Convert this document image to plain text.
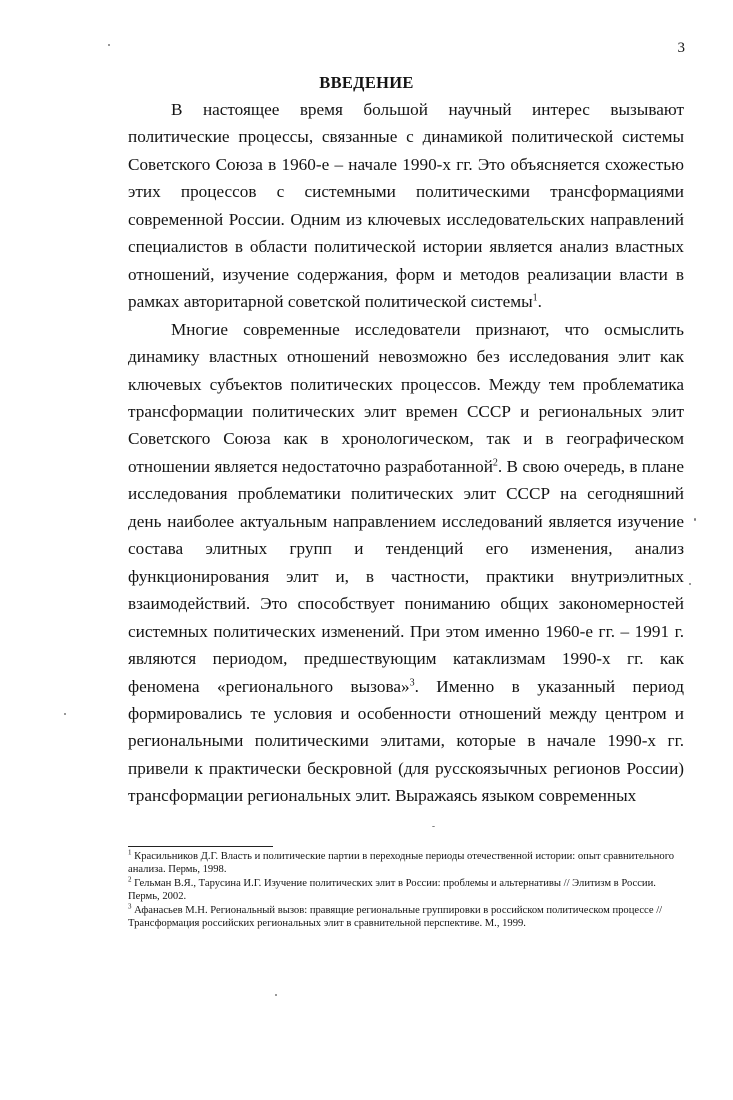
3
ВВЕДЕНИЕ

В настоящее время большой научный интерес вызывают политические процессы, связанные с динамикой политической системы Советского Союза в 1960-е – начале 1990-х гг. Это объясняется схожестью этих процессов с системными политическими трансформациями современной России. Одним из ключевых исследовательских направлений специалистов в области политической истории является анализ властных отношений, изучение содержания, форм и методов реализации власти в рамках авторитарной советской политической системы$^1$.

Многие современные исследователи признают, что осмыслить динамику властных отношений невозможно без исследования элит как ключевых субъектов политических процессов. Между тем проблематика трансформации политических элит времен СССР и региональных элит Советского Союза как в хронологическом, так и в географическом отношении является недостаточно разработанной$^2$. В свою очередь, в плане исследования проблематики политических элит СССР на сегодняшний день наиболее актуальным направлением исследований является изучение состава элитных групп и тенденций его изменения, анализ функционирования элит и, в частности, практики внутриэлитных взаимодействий. Это способствует пониманию общих закономерностей системных политических изменений. При этом именно 1960-е гг. – 1991 г. являются периодом, предшествующим катаклизмам 1990-х гг. как феномена «регионального вызова»$^3$. Именно в указанный период формировались те условия и особенности отношений между центром и региональными политическими элитами, которые в начале 1990-х гг. привели к практически бескровной (для русскоязычных регионов России) трансформации региональных элит. Выражаясь языком современных

$^1$ Красильников Д.Г. Власть и политические партии в переходные периоды отечественной истории: опыт сравнительного анализа. Пермь, 1998.

$^2$ Гельман В.Я., Тарусина И.Г. Изучение политических элит в России: проблемы и альтернативы // Элитизм в России. Пермь, 2002.

$^3$ Афанасьев М.Н. Региональный вызов: правящие региональные группировки в российском политическом процессе // Трансформация российских региональных элит в сравнительной перспективе. М., 1999.
